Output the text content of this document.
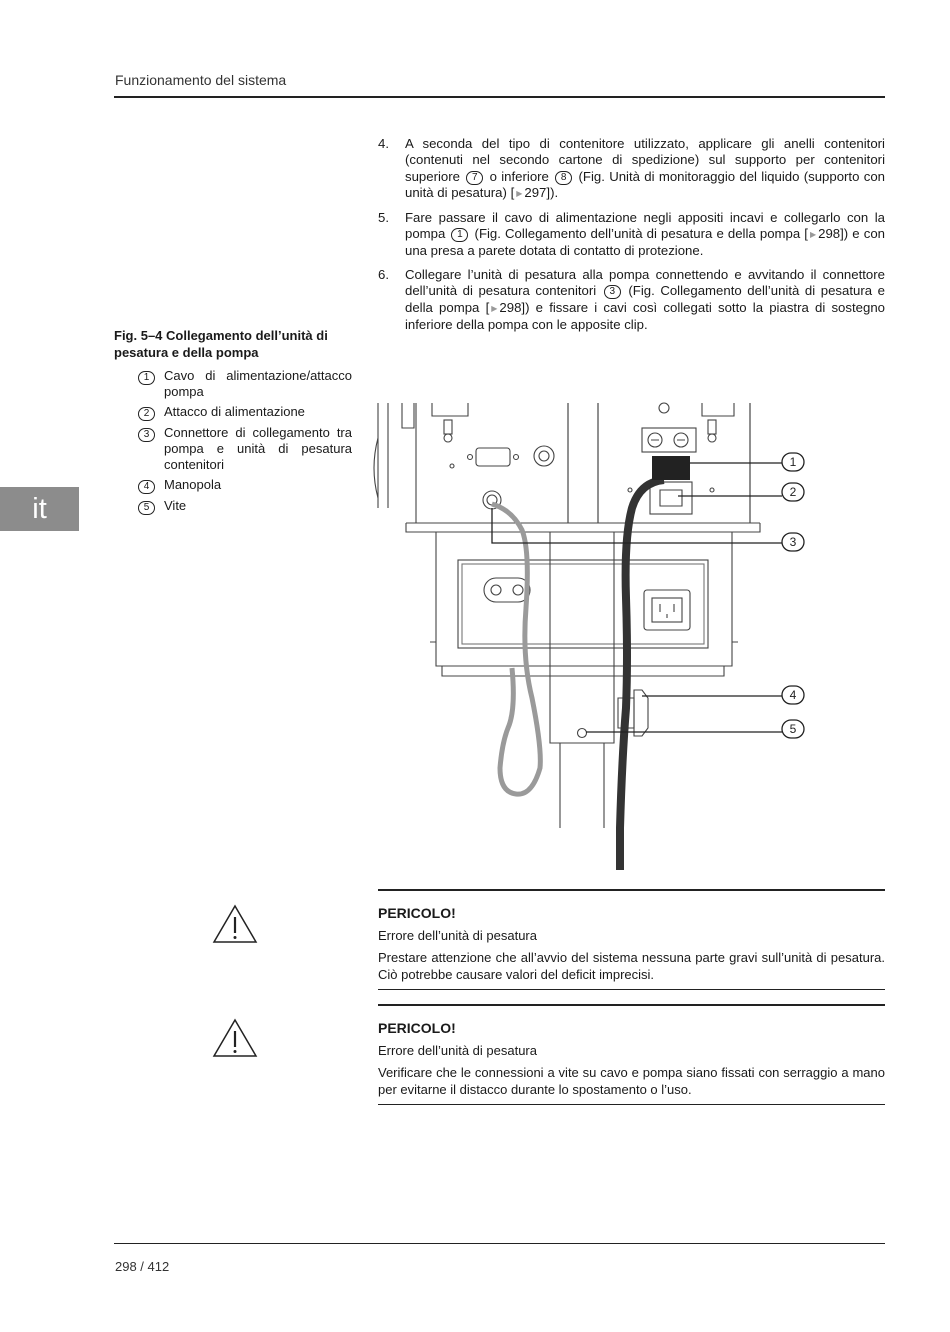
Funzionamento del sistema
4.	A seconda del tipo di contenitore utilizzato, applicare gli anelli contenitori (contenuti nel secondo cartone di spedizione) sul supporto per contenitori superiore 7 o inferiore 8 (Fig. Unità di monitoraggio del liquido (supporto con unità di pesatura) [ ▶ 297]).
5.	Fare passare il cavo di alimentazione negli appositi incavi e collegarlo con la pompa 1 (Fig. Collegamento dell’unità di pesatura e della pompa [ ▶ 298]) e con una presa a parete dotata di contatto di protezione.
6.	Collegare l’unità di pesatura alla pompa connettendo e avvitando il connettore dell’unità di pesatura contenitori 3 (Fig. Collegamento dell’unità di pesatura e della pompa [ ▶ 298]) e fissare i cavi così collegati sotto la piastra di sostegno inferiore della pompa con le apposite clip.
Fig. 5–4 Collegamento dell’unità di pesatura e della pompa
1	Cavo di alimentazione/attacco pompa
2	Attacco di alimentazione
3	Connettore di collegamento tra pompa e unità di pesatura contenitori
4	Manopola
5	Vite
it
1
2
3
4
5
PERICOLO!
Errore dell’unità di pesatura
Prestare attenzione che all’avvio del sistema nessuna parte gravi sull’unità di pesatura. Ciò potrebbe causare valori del deficit imprecisi.
PERICOLO!
Errore dell’unità di pesatura
Verificare che le connessioni a vite su cavo e pompa siano fissati con serraggio a mano per evitarne il distacco durante lo spostamento o l’uso.
298 / 412
